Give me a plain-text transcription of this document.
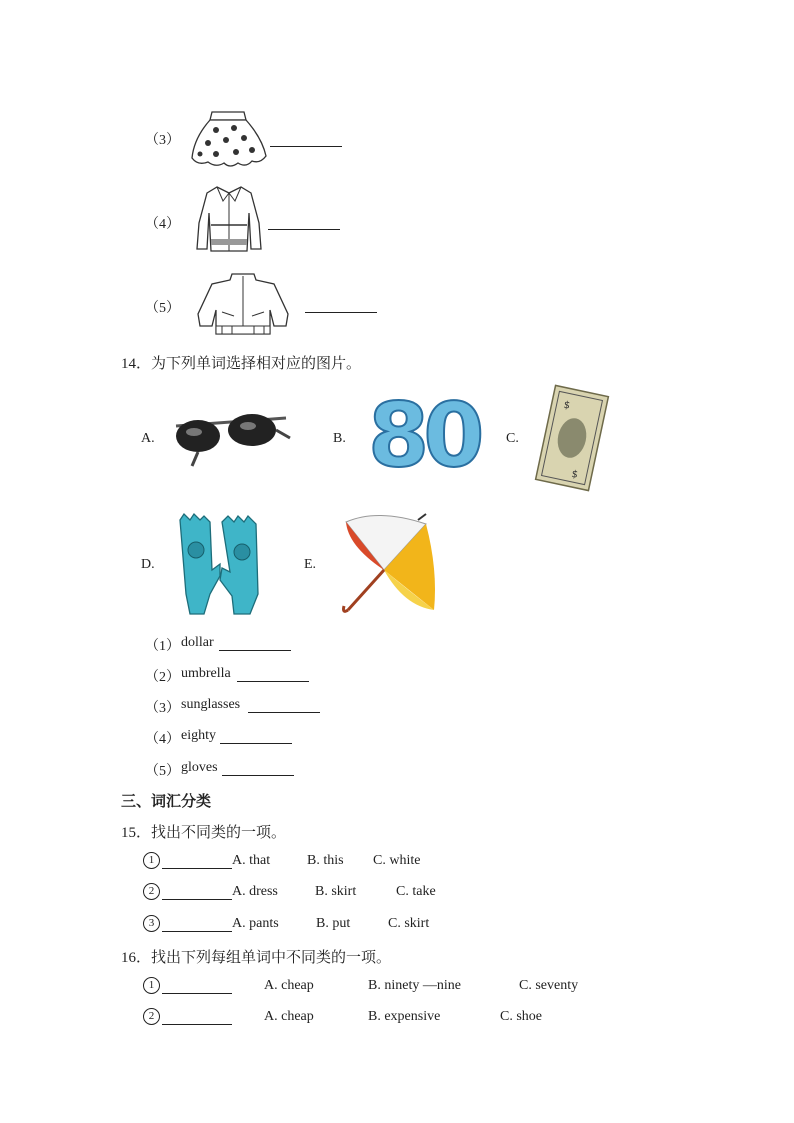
（3）
（4）
（5）
14．为下列单词选择相对应的图片。
A.	B. 80 C.
$
$
D.	E.
（1） dollar
（2） umbrella
（3） sunglasses
（4） eighty
（5） gloves
三、词汇分类
15．找出不同类的一项。
1	A. that	B. this C. white
2	A. dress	B. skirt	C. take
3	A. pants	B. put	C. skirt
16．找出下列每组单词中不同类的一项。
1	A. cheap	B. ninety —nine	C. seventy
2	A. cheap	B. expensive	C. shoe
